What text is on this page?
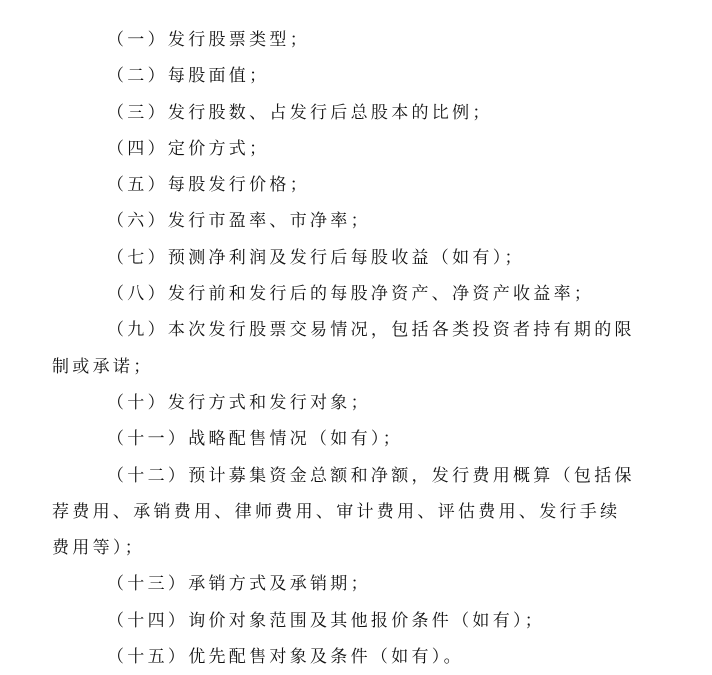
（一）发行股票类型；
（二）每股面值；
（三）发行股数、占发行后总股本的比例；
（四）定价方式；
（五）每股发行价格；
（六）发行市盈率、市净率；
（七）预测净利润及发行后每股收益（如有）；
（八）发行前和发行后的每股净资产、净资产收益率；
（九）本次发行股票交易情况，包括各类投资者持有期的限
制或承诺；
（十）发行方式和发行对象；
（十一）战略配售情况（如有）；
（十二）预计募集资金总额和净额，发行费用概算（包括保
荐费用、承销费用、律师费用、审计费用、评估费用、发行手续
费用等）；
（十三）承销方式及承销期；
（十四）询价对象范围及其他报价条件（如有）；
（十五）优先配售对象及条件（如有）。
